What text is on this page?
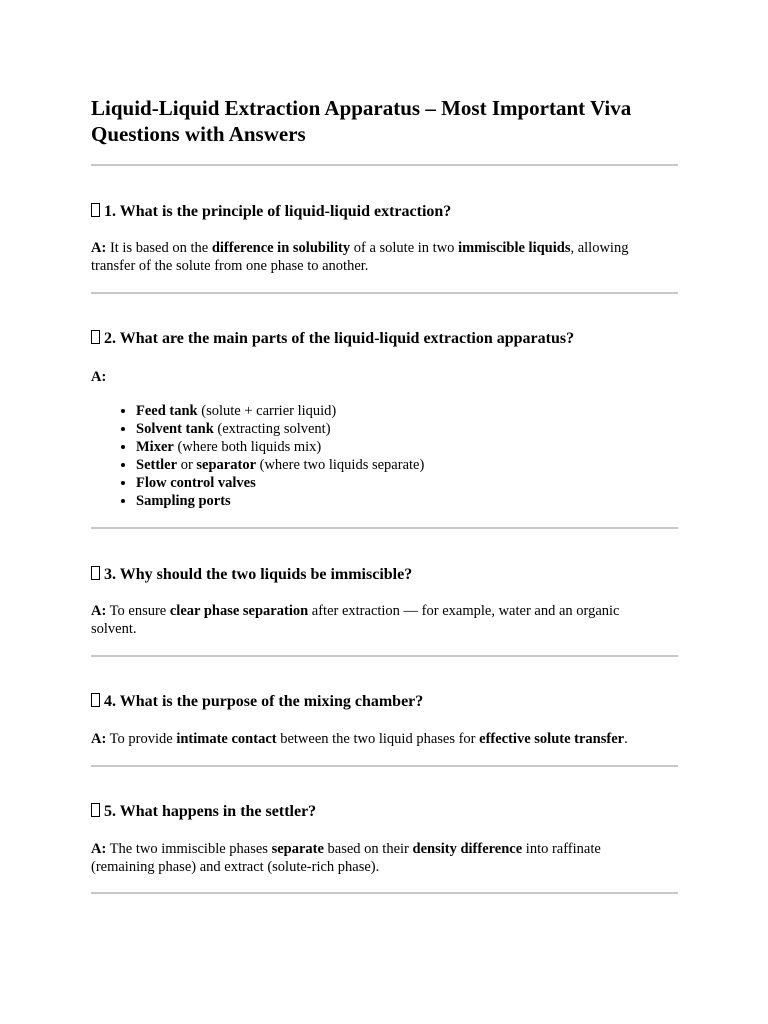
Liquid-Liquid Extraction Apparatus – Most Important Viva Questions with Answers

1. What is the principle of liquid-liquid extraction?

A: It is based on the difference in solubility of a solute in two immiscible liquids, allowing transfer of the solute from one phase to another.

2. What are the main parts of the liquid-liquid extraction apparatus?

A:

• Feed tank (solute + carrier liquid)
• Solvent tank (extracting solvent)
• Mixer (where both liquids mix)
• Settler or separator (where two liquids separate)
• Flow control valves
• Sampling ports

3. Why should the two liquids be immiscible?

A: To ensure clear phase separation after extraction — for example, water and an organic solvent.

4. What is the purpose of the mixing chamber?

A: To provide intimate contact between the two liquid phases for effective solute transfer.

5. What happens in the settler?

A: The two immiscible phases separate based on their density difference into raffinate (remaining phase) and extract (solute-rich phase).
